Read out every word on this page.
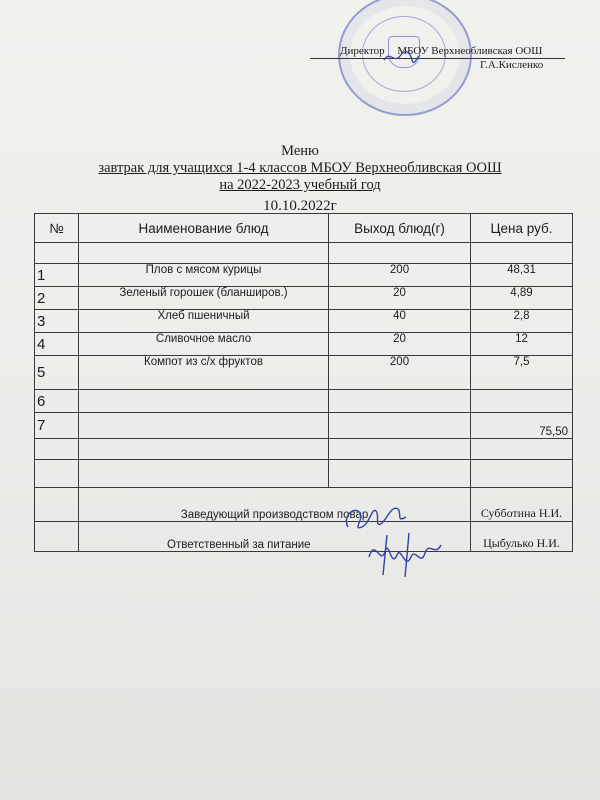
Директор МБОУ Верхнеобливская ООШ
Г.А.Кисленко
Меню
завтрак для учащихся 1-4 классов МБОУ Верхнеобливская ООШ
на 2022-2023 учебный год
10.10.2022г
№	Наименование блюд	Выход блюд(г)	Цена руб.

1	Плов с мясом курицы	200	48,31
2	Зеленый горошек (бланширов.)	20	4,89
3	Хлеб пшеничный	40	2,8
4	Сливочное масло	20	12
5	Компот из с/х фруктов	200	7,5
6			
7			75,50

	Заведующий производством повар		Субботина Н.И.
	Ответственный за питание		Цыбулько Н.И.
